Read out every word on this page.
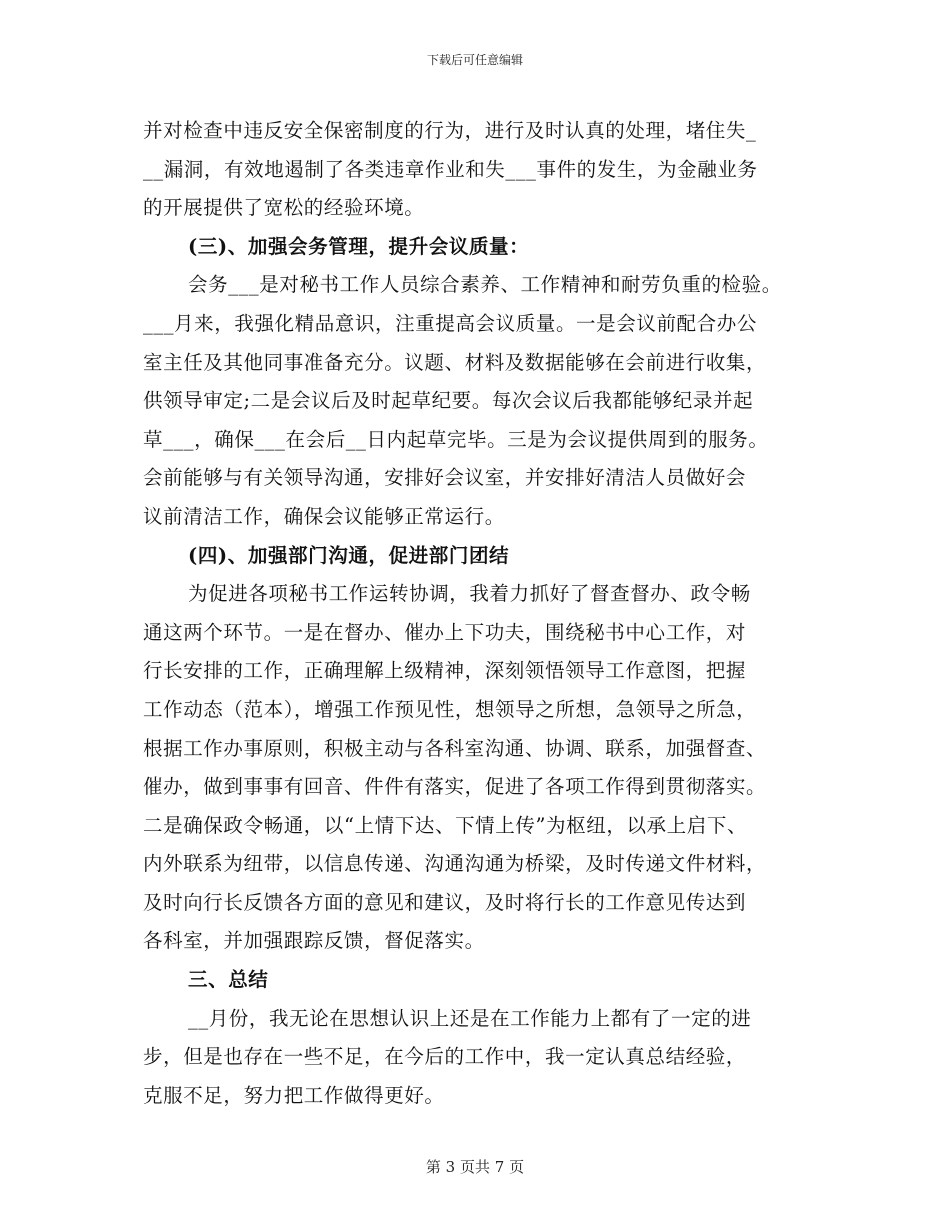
下载后可任意编辑
并对检查中违反安全保密制度的行为，进行及时认真的处理，堵住失_
__漏洞，有效地遏制了各类违章作业和失___事件的发生，为金融业务
的开展提供了宽松的经验环境。
(三)、加强会务管理，提升会议质量：
会务___是对秘书工作人员综合素养、工作精神和耐劳负重的检验。
___月来，我强化精品意识，注重提高会议质量。一是会议前配合办公
室主任及其他同事准备充分。议题、材料及数据能够在会前进行收集，
供领导审定;二是会议后及时起草纪要。每次会议后我都能够纪录并起
草___，确保___在会后__日内起草完毕。三是为会议提供周到的服务。
会前能够与有关领导沟通，安排好会议室，并安排好清洁人员做好会
议前清洁工作，确保会议能够正常运行。
(四)、加强部门沟通，促进部门团结
为促进各项秘书工作运转协调，我着力抓好了督查督办、政令畅
通这两个环节。一是在督办、催办上下功夫，围绕秘书中心工作，对
行长安排的工作，正确理解上级精神，深刻领悟领导工作意图，把握
工作动态（范本），增强工作预见性，想领导之所想，急领导之所急，
根据工作办事原则，积极主动与各科室沟通、协调、联系，加强督查、
催办，做到事事有回音、件件有落实，促进了各项工作得到贯彻落实。
二是确保政令畅通，以“上情下达、下情上传”为枢纽，以承上启下、
内外联系为纽带，以信息传递、沟通沟通为桥梁，及时传递文件材料，
及时向行长反馈各方面的意见和建议，及时将行长的工作意见传达到
各科室，并加强跟踪反馈，督促落实。
三、总结
__月份，我无论在思想认识上还是在工作能力上都有了一定的进
步，但是也存在一些不足，在今后的工作中，我一定认真总结经验，
克服不足，努力把工作做得更好。
第 3 页共 7 页
